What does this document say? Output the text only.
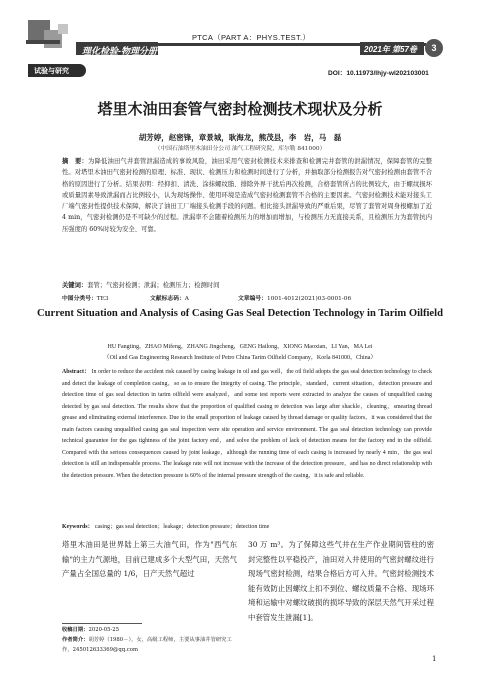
PTCA（PART A：PHYS.TEST.）
理化检验-物理分册	2021年 第57卷	3
试验与研究	DOI：10.11973/lhjy-wl202103001
塔里木油田套管气密封检测技术现状及分析
胡芳婷，赵密锋，章景城，耿海龙，熊茂县，李　岩，马　磊
（中国石油塔里木油田分公司 油气工程研究院，库尔勒 841000）
摘　要：为降低油田气井套管泄漏造成的事故风险，油田采用气密封检测技术来排查和检测完井套管的泄漏情况，保障套管的完整性。对塔里木油田气密封检测的原理、标准、现状、检测压力和检测时间进行了分析，并抽取部分检测报告对气密封检测由套管不合格的原因进行了分析。结果表明：经抑扣、清洗、涂抹螺纹脂、排除外界干扰后再次检测，合格套管所占的比例较大，由于螺纹损坏或质量因素导致泄漏而占比例较小，认为现场操作、使用环境是造成气密封检测套管不合格的主要因素。气密封检测技术能对接头工厂端气密封性提供技术保障，解决了油田工厂端接头检测手段的问题。相比接头泄漏导致的严重后果，尽管了套管对周身根螺加了近 4 min，气密封检测仍是不可缺少的过程。泄漏率不会随着检测压力的增加而增加，与检测压力无直接关系，且检测压力为套管抗内压强度的 60%时较为安全、可靠。
关键词：套管；气密封检测；泄漏；检测压力；检测时间
中图分类号：TE3	文献标志码：A	文章编号：1001-4012(2021)03-0001-06
Current Situation and Analysis of Casing Gas Seal Detection Technology in Tarim Oilfield
HU Fangting，ZHAO Mifeng，ZHANG Jingcheng，GENG Hailong，XIONG Maoxian，LI Yan，MA Lei
（Oil and Gas Engineering Research Institute of Petro China Tarim Oilfield Company，Korla 841000，China）
Abstract： In order to reduce the accident risk caused by casing leakage in oil and gas well，the oil field adopts the gas seal detection technology to check and detect the leakage of completion casing，so as to ensure the integrity of casing. The principle，standard，current situation，detection pressure and detection time of gas seal detection in tarim oilfield were analyzed，and some test reports were extracted to analyze the causes of unqualified casing detected by gas seal detection. The results show that the proportion of qualified casing re detection was large after shackle，cleaning，smearing thread grease and eliminating external interference. Due to the small proportion of leakage caused by thread damage or quality factors，it was considered that the main factors causing unqualified casing gas seal inspection were site operation and service environment. The gas seal detection technology can provide technical guarantee for the gas tightness of the joint factory end，and solve the problem of lack of detection means for the factory end in the oilfield. Compared with the serious consequences caused by joint leakage，although the running time of each casing is increased by nearly 4 min，the gas seal detection is still an indispensable process. The leakage rate will not increase with the increase of the detection pressure，and has no direct relationship with the detection pressure. When the detection pressure is 60% of the internal pressure strength of the casing，it is safe and reliable.
Keywords： casing；gas seal detection；leakage；detection pressure；detection time
塔里木油田是世界陆上第三大油气田，作为"西气东输"的主力气源地，目前已建成多个大型气田，天然气产量占全国总量的 1/6，日产天然气超过
30 万 m³。为了保障这些气井在生产作业期间管柱的密封完整性以平稳投产，油田对入井使用的气密封螺纹进行现场气密封检测，结果合格后方可入井。气密封检测技术能有效防止因螺纹上扣不到位、螺纹质量不合格、现场环境和运输中对螺纹破损的损坏导致的深层天然气开采过程中套管发生泄漏[1]。
收稿日期：2020-05-25
作者简介：胡芳婷（1980－），女，高级工程师，主要从事油井管研究工作，245012633369@qq.com
1
